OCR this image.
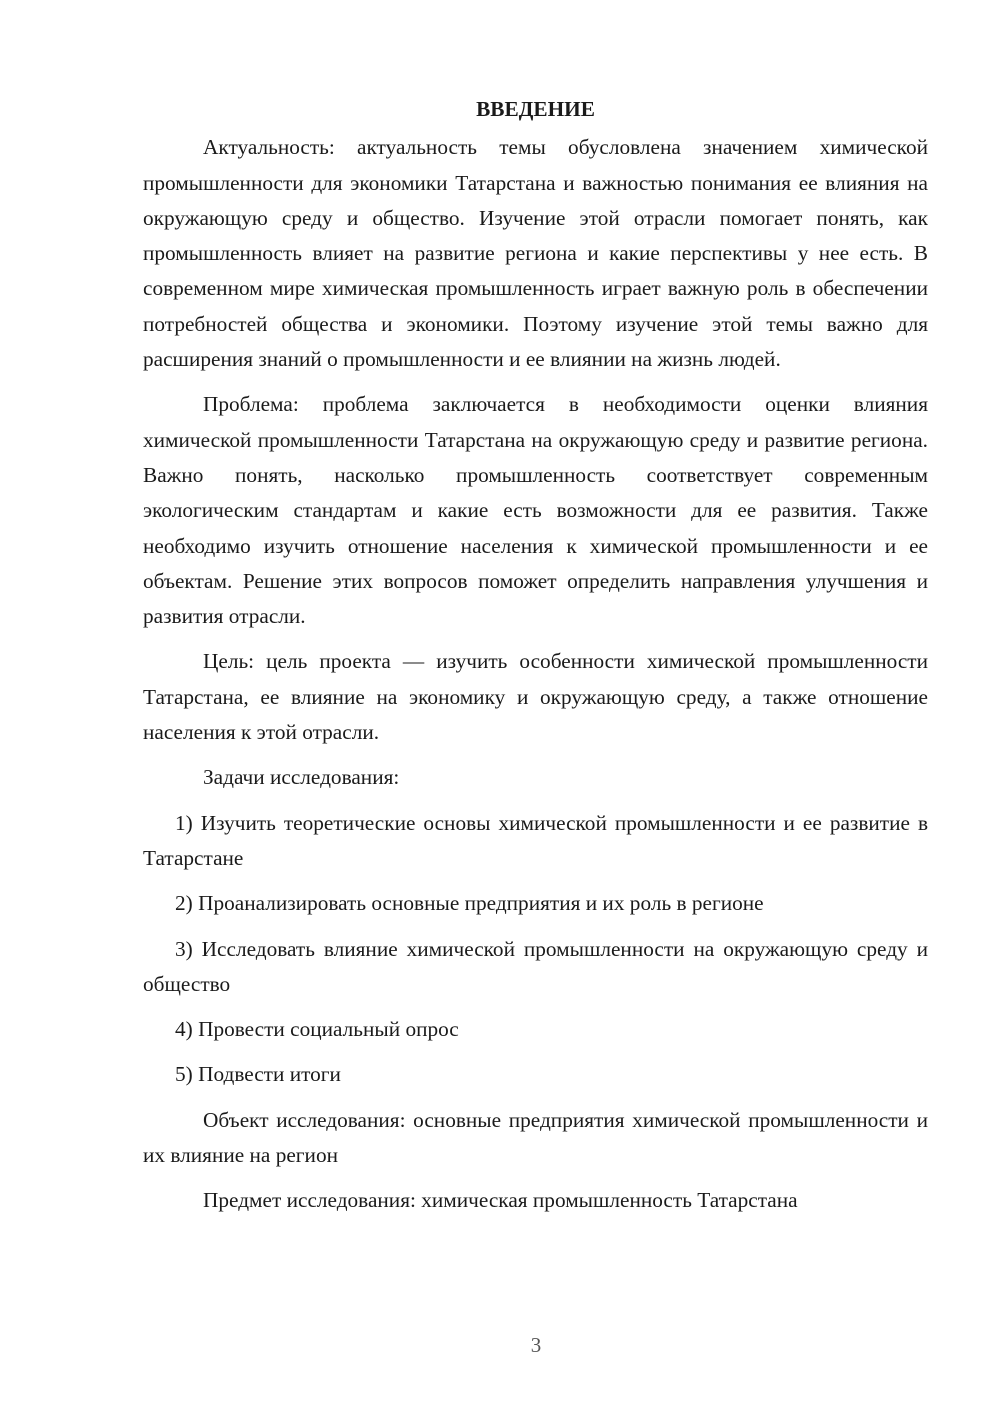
ВВЕДЕНИЕ

Актуальность: актуальность темы обусловлена значением химической промышленности для экономики Татарстана и важностью понимания ее влияния на окружающую среду и общество. Изучение этой отрасли помогает понять, как промышленность влияет на развитие региона и какие перспективы у нее есть. В современном мире химическая промышленность играет важную роль в обеспечении потребностей общества и экономики. Поэтому изучение этой темы важно для расширения знаний о промышленности и ее влиянии на жизнь людей.

Проблема: проблема заключается в необходимости оценки влияния химической промышленности Татарстана на окружающую среду и развитие региона. Важно понять, насколько промышленность соответствует современным экологическим стандартам и какие есть возможности для ее развития. Также необходимо изучить отношение населения к химической промышленности и ее объектам. Решение этих вопросов поможет определить направления улучшения и развития отрасли.

Цель: цель проекта — изучить особенности химической промышленности Татарстана, ее влияние на экономику и окружающую среду, а также отношение населения к этой отрасли.

Задачи исследования:

1) Изучить теоретические основы химической промышленности и ее развитие в Татарстане

2) Проанализировать основные предприятия и их роль в регионе

3) Исследовать влияние химической промышленности на окружающую среду и общество

4) Провести социальный опрос

5) Подвести итоги

Объект исследования: основные предприятия химической промышленности и их влияние на регион

Предмет исследования: химическая промышленность Татарстана

3
